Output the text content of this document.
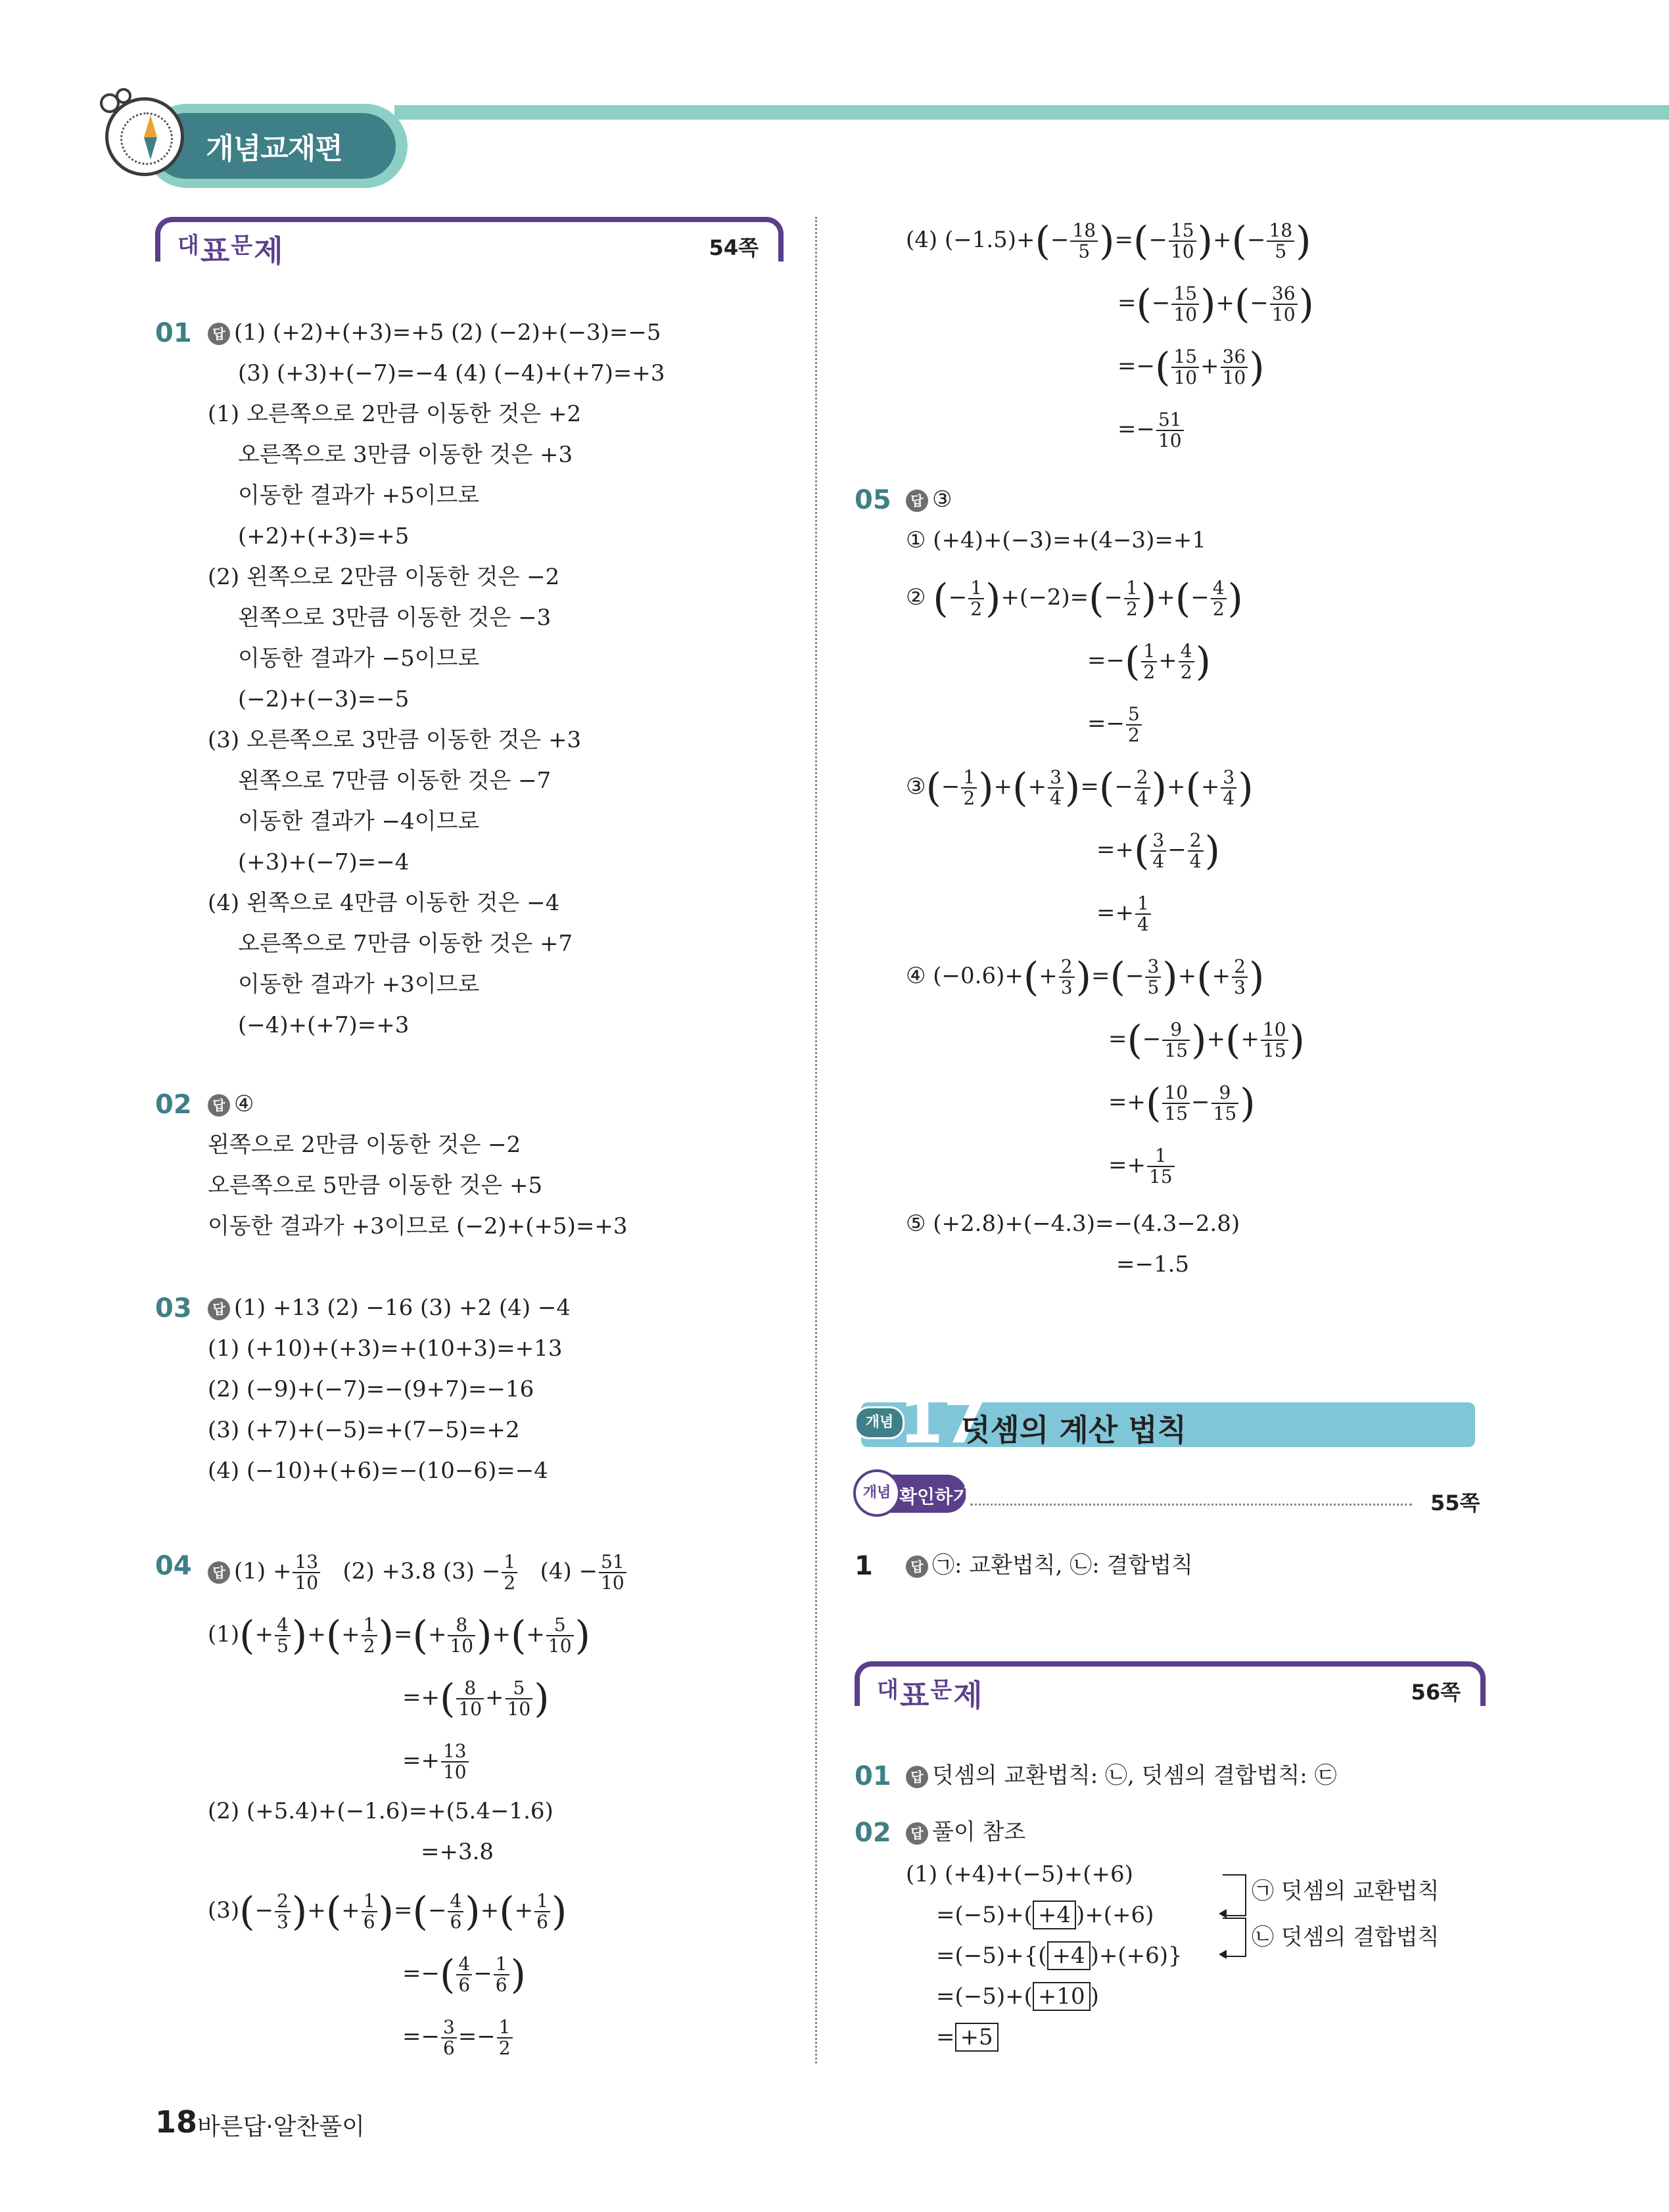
개념교재편
$^대$표$^문$제	54쪽
01	답 (1) (+2)+(+3)=+5 (2) (−2)+(−3)=−5
(3) (+3)+(−7)=−4 (4) (−4)+(+7)=+3
(1) 오른쪽으로 2만큼 이동한 것은 +2
오른쪽으로 3만큼 이동한 것은 +3
이동한 결과가 +5이므로
(+2)+(+3)=+5
(2) 왼쪽으로 2만큼 이동한 것은 −2
왼쪽으로 3만큼 이동한 것은 −3
이동한 결과가 −5이므로
(−2)+(−3)=−5
(3) 오른쪽으로 3만큼 이동한 것은 +3
왼쪽으로 7만큼 이동한 것은 −7
이동한 결과가 −4이므로
(+3)+(−7)=−4
(4) 왼쪽으로 4만큼 이동한 것은 −4
오른쪽으로 7만큼 이동한 것은 +7
이동한 결과가 +3이므로
(−4)+(+7)=+3
02	답 ④
왼쪽으로 2만큼 이동한 것은 −2
오른쪽으로 5만큼 이동한 것은 +5
이동한 결과가 +3이므로 (−2)+(+5)=+3
03	답 (1) +13 (2) −16 (3) +2 (4) −4
(1) (+10)+(+3)=+(10+3)=+13
(2) (−9)+(−7)=−(9+7)=−16
(3) (+7)+(−5)=+(7−5)=+2
(4) (−10)+(+6)=−(10−6)=−4
04	답 $(1) + \frac{13}{10} (2) +3.8$ $(3) - \frac{1}{2} (4) - \frac{51}{10}$
$(1)(+ \frac{4}{5}$ )+(+ $\frac{1}{2}$ )=(+ $\frac{8}{10}$ )+(+ $\frac{5}{10}$ )
=+( $\frac{8}{10} + \frac{5}{10}$ )
=+ $\frac{13}{10}$
(2) (+5.4)+(−1.6)=+(5.4−1.6)
=+3.8
$(3)(- \frac{2}{3}$ )+(+ $\frac{1}{6}$ )=(− $\frac{4}{6}$ )+(+ $\frac{1}{6}$ )
=−( $\frac{4}{6} - \frac{1}{6}$ )
=− $\frac{3}{6} =- \frac{1}{2}$
(4) $(-1.5)+(- \frac{18}{5}$ )=(− $\frac{15}{10}$ )+(− $\frac{18}{5}$ )
=(− $\frac{15}{10}$ )+(− $\frac{36}{10}$ )
=−( $\frac{15}{10} + \frac{36}{10}$ )
=− $\frac{51}{10}$
05	답 ③
① (+4)+(−3)=+(4−3)=+1
② (− $\frac{1}{2} )+(-2)=(- \frac{1}{2}$ )+(− $\frac{4}{2}$ )
=−( $\frac{1}{2} + \frac{4}{2}$ )
=− $\frac{5}{2}$
③(− $\frac{1}{2}$ )+(+ $\frac{3}{4}$ )=(− $\frac{2}{4}$ )+(+ $\frac{3}{4}$ )
=+( $\frac{3}{4} - \frac{2}{4}$ )
=+ $\frac{1}{4}$
④ $(-0.6)+(+ \frac{2}{3}$ )=(− $\frac{3}{5}$ )+(+ $\frac{2}{3}$ )
=(− $\frac{9}{15}$ )+(+ $\frac{10}{15}$ )
=+( $\frac{10}{15} - \frac{9}{15}$ )
=+ $\frac{1}{15}$
⑤ (+2.8)+(−4.3)=−(4.3−2.8)
=−1.5
개념 17
덧셈의 계산 법칙
개념 확인하기	55쪽
1	답 ㉠: 교환법칙, ㉡: 결합법칙
$^대$표$^문$제	56쪽
01	답 덧셈의 교환법칙: ㉡, 덧셈의 결합법칙: ㉢
02	답 풀이 참조
(1) (+4)+(−5)+(+6)
=(−5)+( +4 )+(+6)
=(−5)+{( +4 )+(+6)}
=(−5)+( +10 )
= +5
㉠ 덧셈의 교환법칙
㉡ 덧셈의 결합법칙
18 바른답·알찬풀이
